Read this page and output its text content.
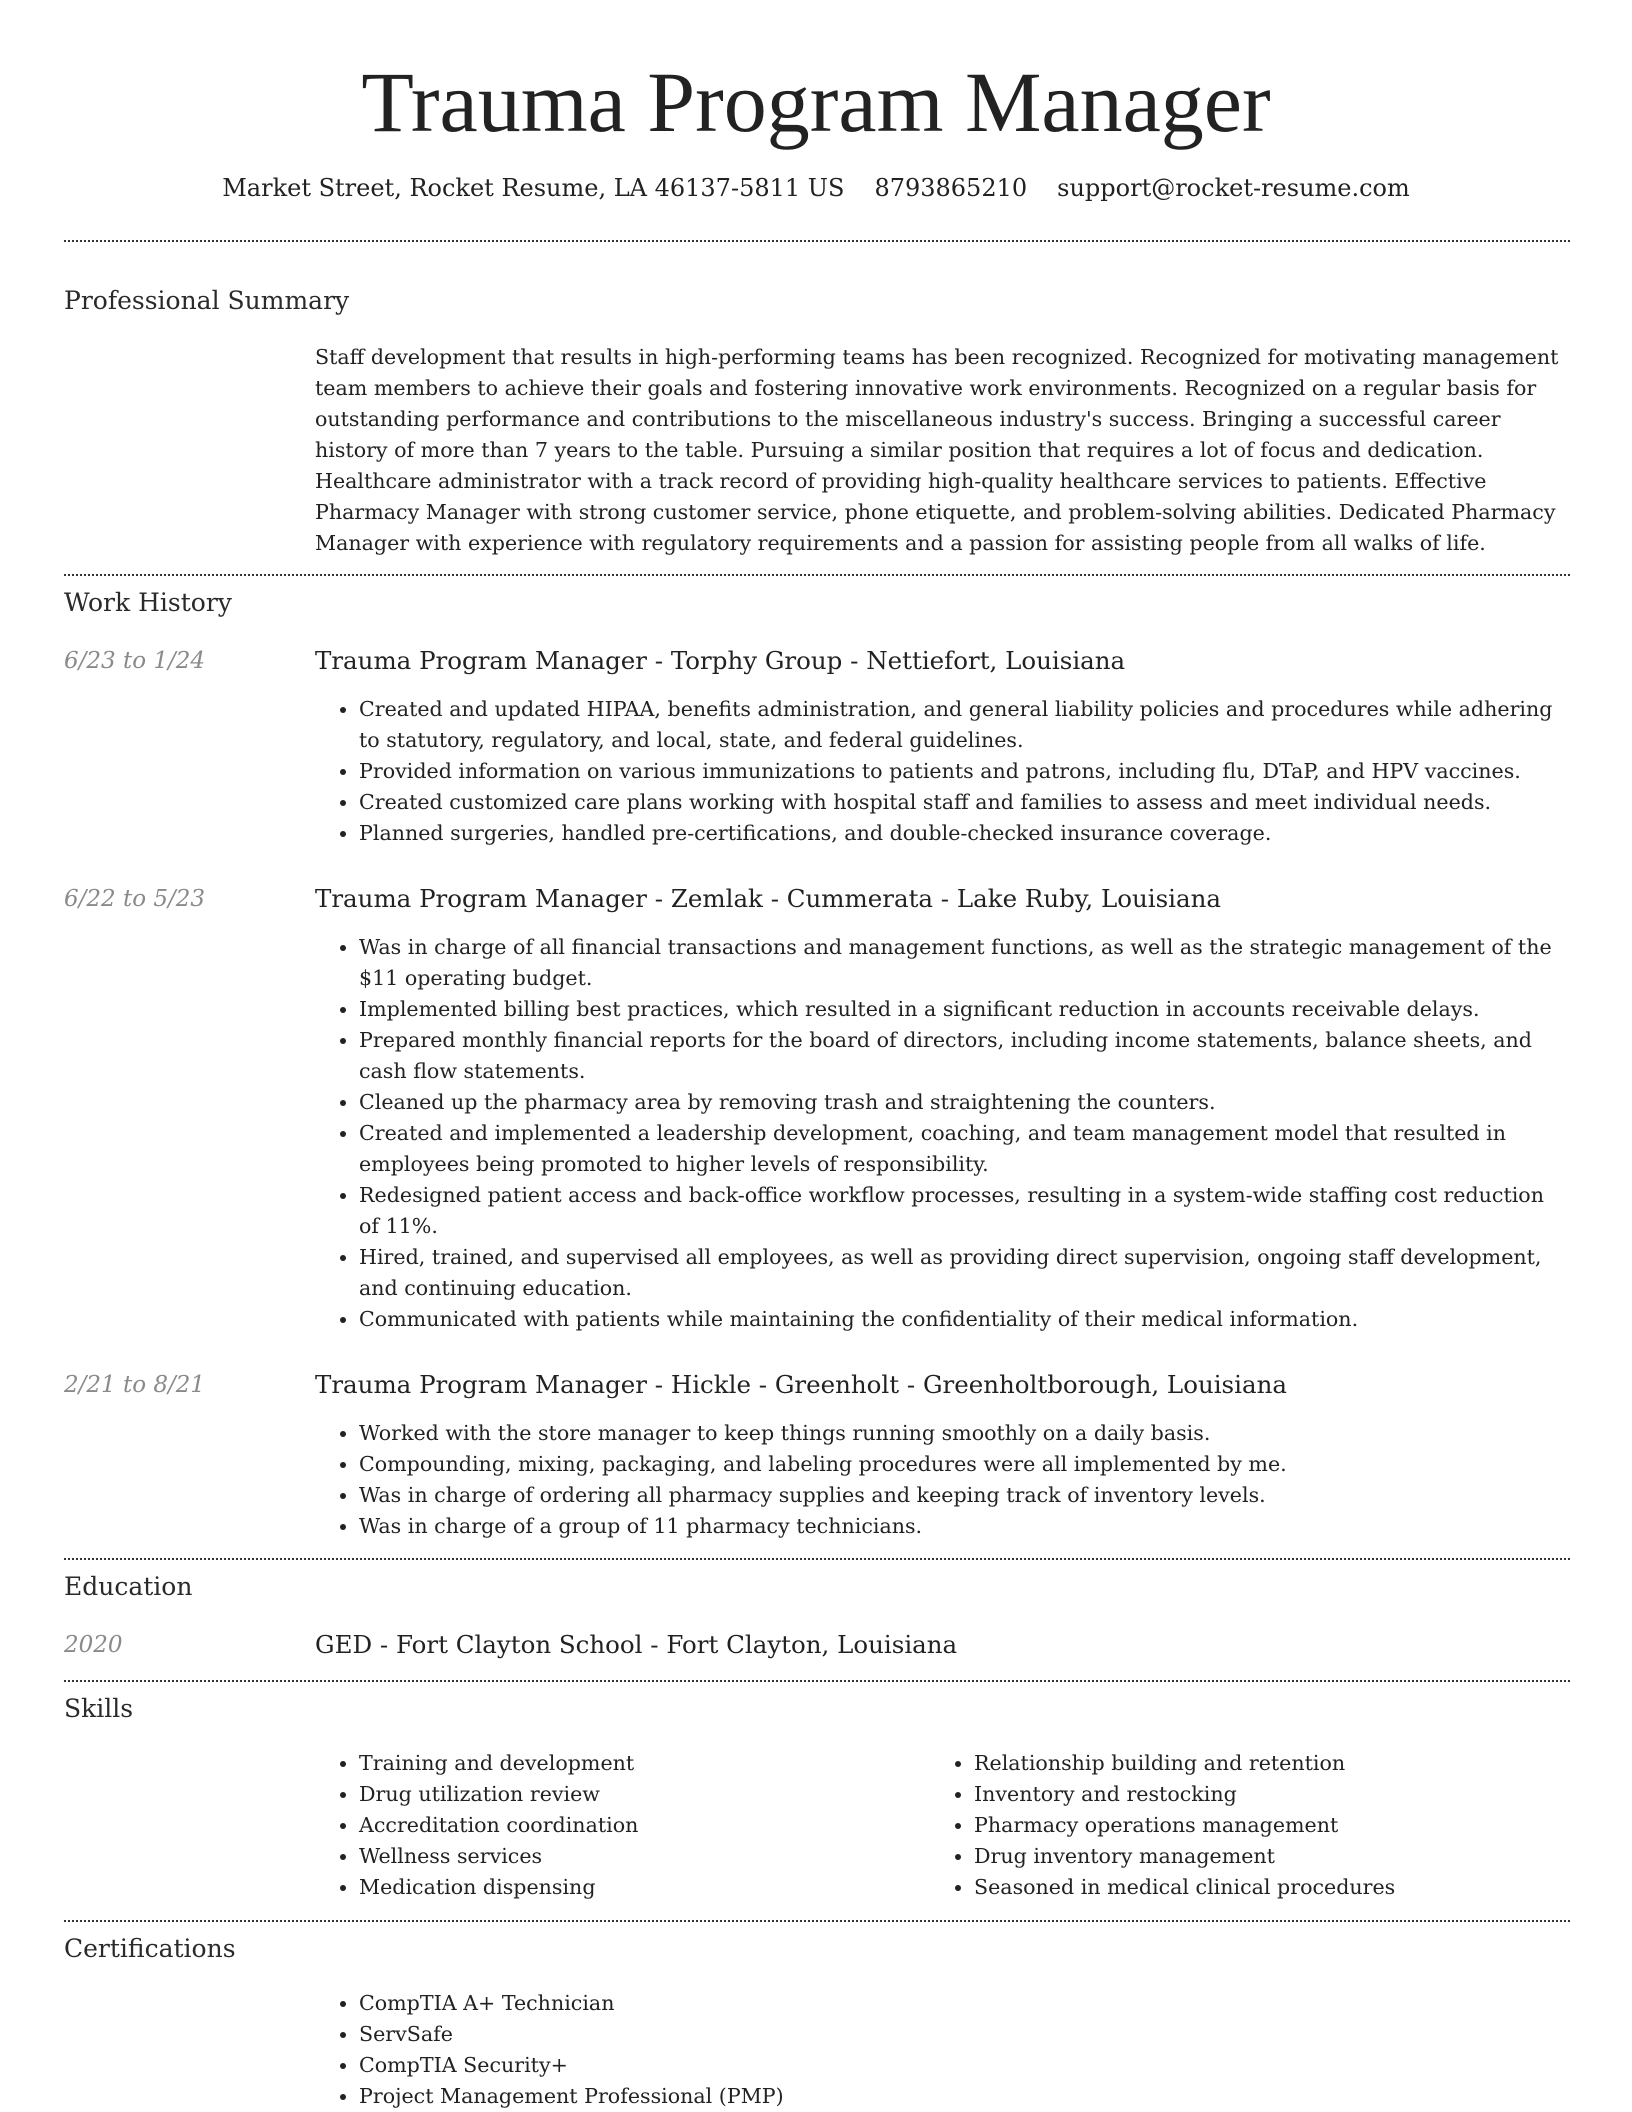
Trauma Program Manager
Market Street, Rocket Resume, LA 46137-5811 US 8793865210 support@rocket-resume.com
Professional Summary

Staff development that results in high-performing teams has been recognized. Recognized for motivating management team members to achieve their goals and fostering innovative work environments. Recognized on a regular basis for outstanding performance and contributions to the miscellaneous industry's success. Bringing a successful career history of more than 7 years to the table. Pursuing a similar position that requires a lot of focus and dedication. Healthcare administrator with a track record of providing high-quality healthcare services to patients. Effective Pharmacy Manager with strong customer service, phone etiquette, and problem-solving abilities. Dedicated Pharmacy Manager with experience with regulatory requirements and a passion for assisting people from all walks of life.

Work History
6/23 to 1/24	Trauma Program Manager - Torphy Group - Nettiefort, Louisiana
• Created and updated HIPAA, benefits administration, and general liability policies and procedures while adhering to statutory, regulatory, and local, state, and federal guidelines.
• Provided information on various immunizations to patients and patrons, including flu, DTaP, and HPV vaccines.
• Created customized care plans working with hospital staff and families to assess and meet individual needs.
• Planned surgeries, handled pre-certifications, and double-checked insurance coverage.
6/22 to 5/23	Trauma Program Manager - Zemlak - Cummerata - Lake Ruby, Louisiana
• Was in charge of all financial transactions and management functions, as well as the strategic management of the $11 operating budget.
• Implemented billing best practices, which resulted in a significant reduction in accounts receivable delays.
• Prepared monthly financial reports for the board of directors, including income statements, balance sheets, and cash flow statements.
• Cleaned up the pharmacy area by removing trash and straightening the counters.
• Created and implemented a leadership development, coaching, and team management model that resulted in employees being promoted to higher levels of responsibility.
• Redesigned patient access and back-office workflow processes, resulting in a system-wide staffing cost reduction of 11%.
• Hired, trained, and supervised all employees, as well as providing direct supervision, ongoing staff development, and continuing education.
• Communicated with patients while maintaining the confidentiality of their medical information.
2/21 to 8/21	Trauma Program Manager - Hickle - Greenholt - Greenholtborough, Louisiana
• Worked with the store manager to keep things running smoothly on a daily basis.
• Compounding, mixing, packaging, and labeling procedures were all implemented by me.
• Was in charge of ordering all pharmacy supplies and keeping track of inventory levels.
• Was in charge of a group of 11 pharmacy technicians.
Education
2020	GED - Fort Clayton School - Fort Clayton, Louisiana
Skills
• Training and development
• Drug utilization review
• Accreditation coordination
• Wellness services
• Medication dispensing
• Relationship building and retention
• Inventory and restocking
• Pharmacy operations management
• Drug inventory management
• Seasoned in medical clinical procedures
Certifications
• CompTIA A+ Technician
• ServSafe
• CompTIA Security+
• Project Management Professional (PMP)
